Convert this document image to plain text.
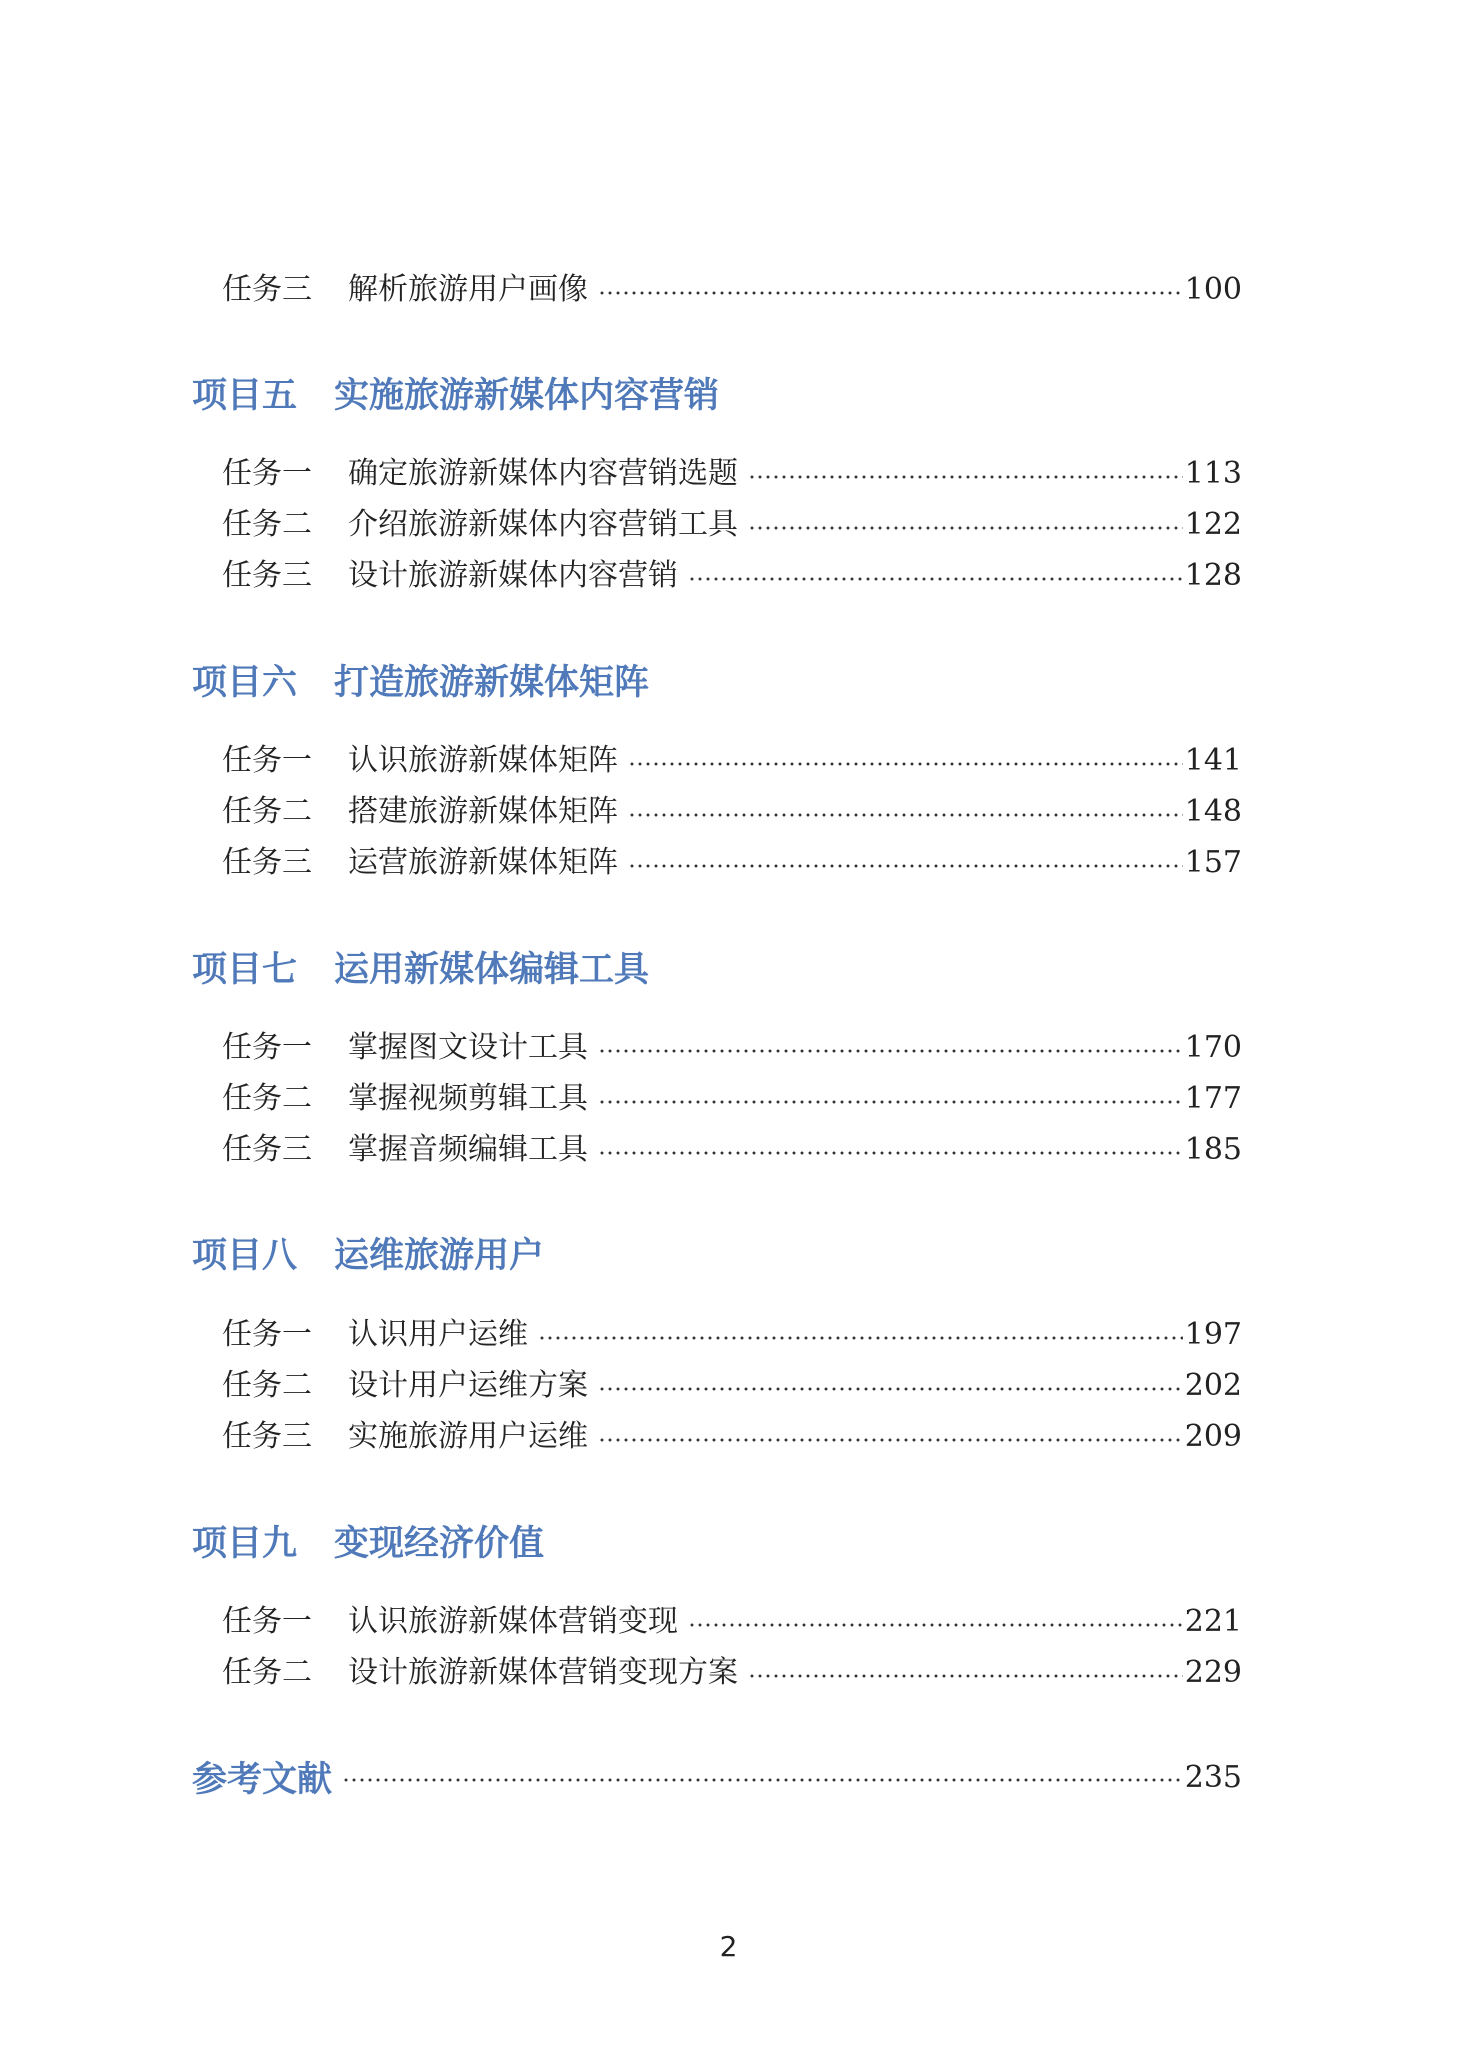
任务三	解析旅游用户画像	100
项目五	实施旅游新媒体内容营销
任务一	确定旅游新媒体内容营销选题	113
任务二	介绍旅游新媒体内容营销工具	122
任务三	设计旅游新媒体内容营销	128
项目六	打造旅游新媒体矩阵
任务一	认识旅游新媒体矩阵	141
任务二	搭建旅游新媒体矩阵	148
任务三	运营旅游新媒体矩阵	157
项目七	运用新媒体编辑工具
任务一	掌握图文设计工具	170
任务二	掌握视频剪辑工具	177
任务三	掌握音频编辑工具	185
项目八	运维旅游用户
任务一	认识用户运维	197
任务二	设计用户运维方案	202
任务三	实施旅游用户运维	209
项目九	变现经济价值
任务一	认识旅游新媒体营销变现	221
任务二	设计旅游新媒体营销变现方案	229
参考文献	235
2
